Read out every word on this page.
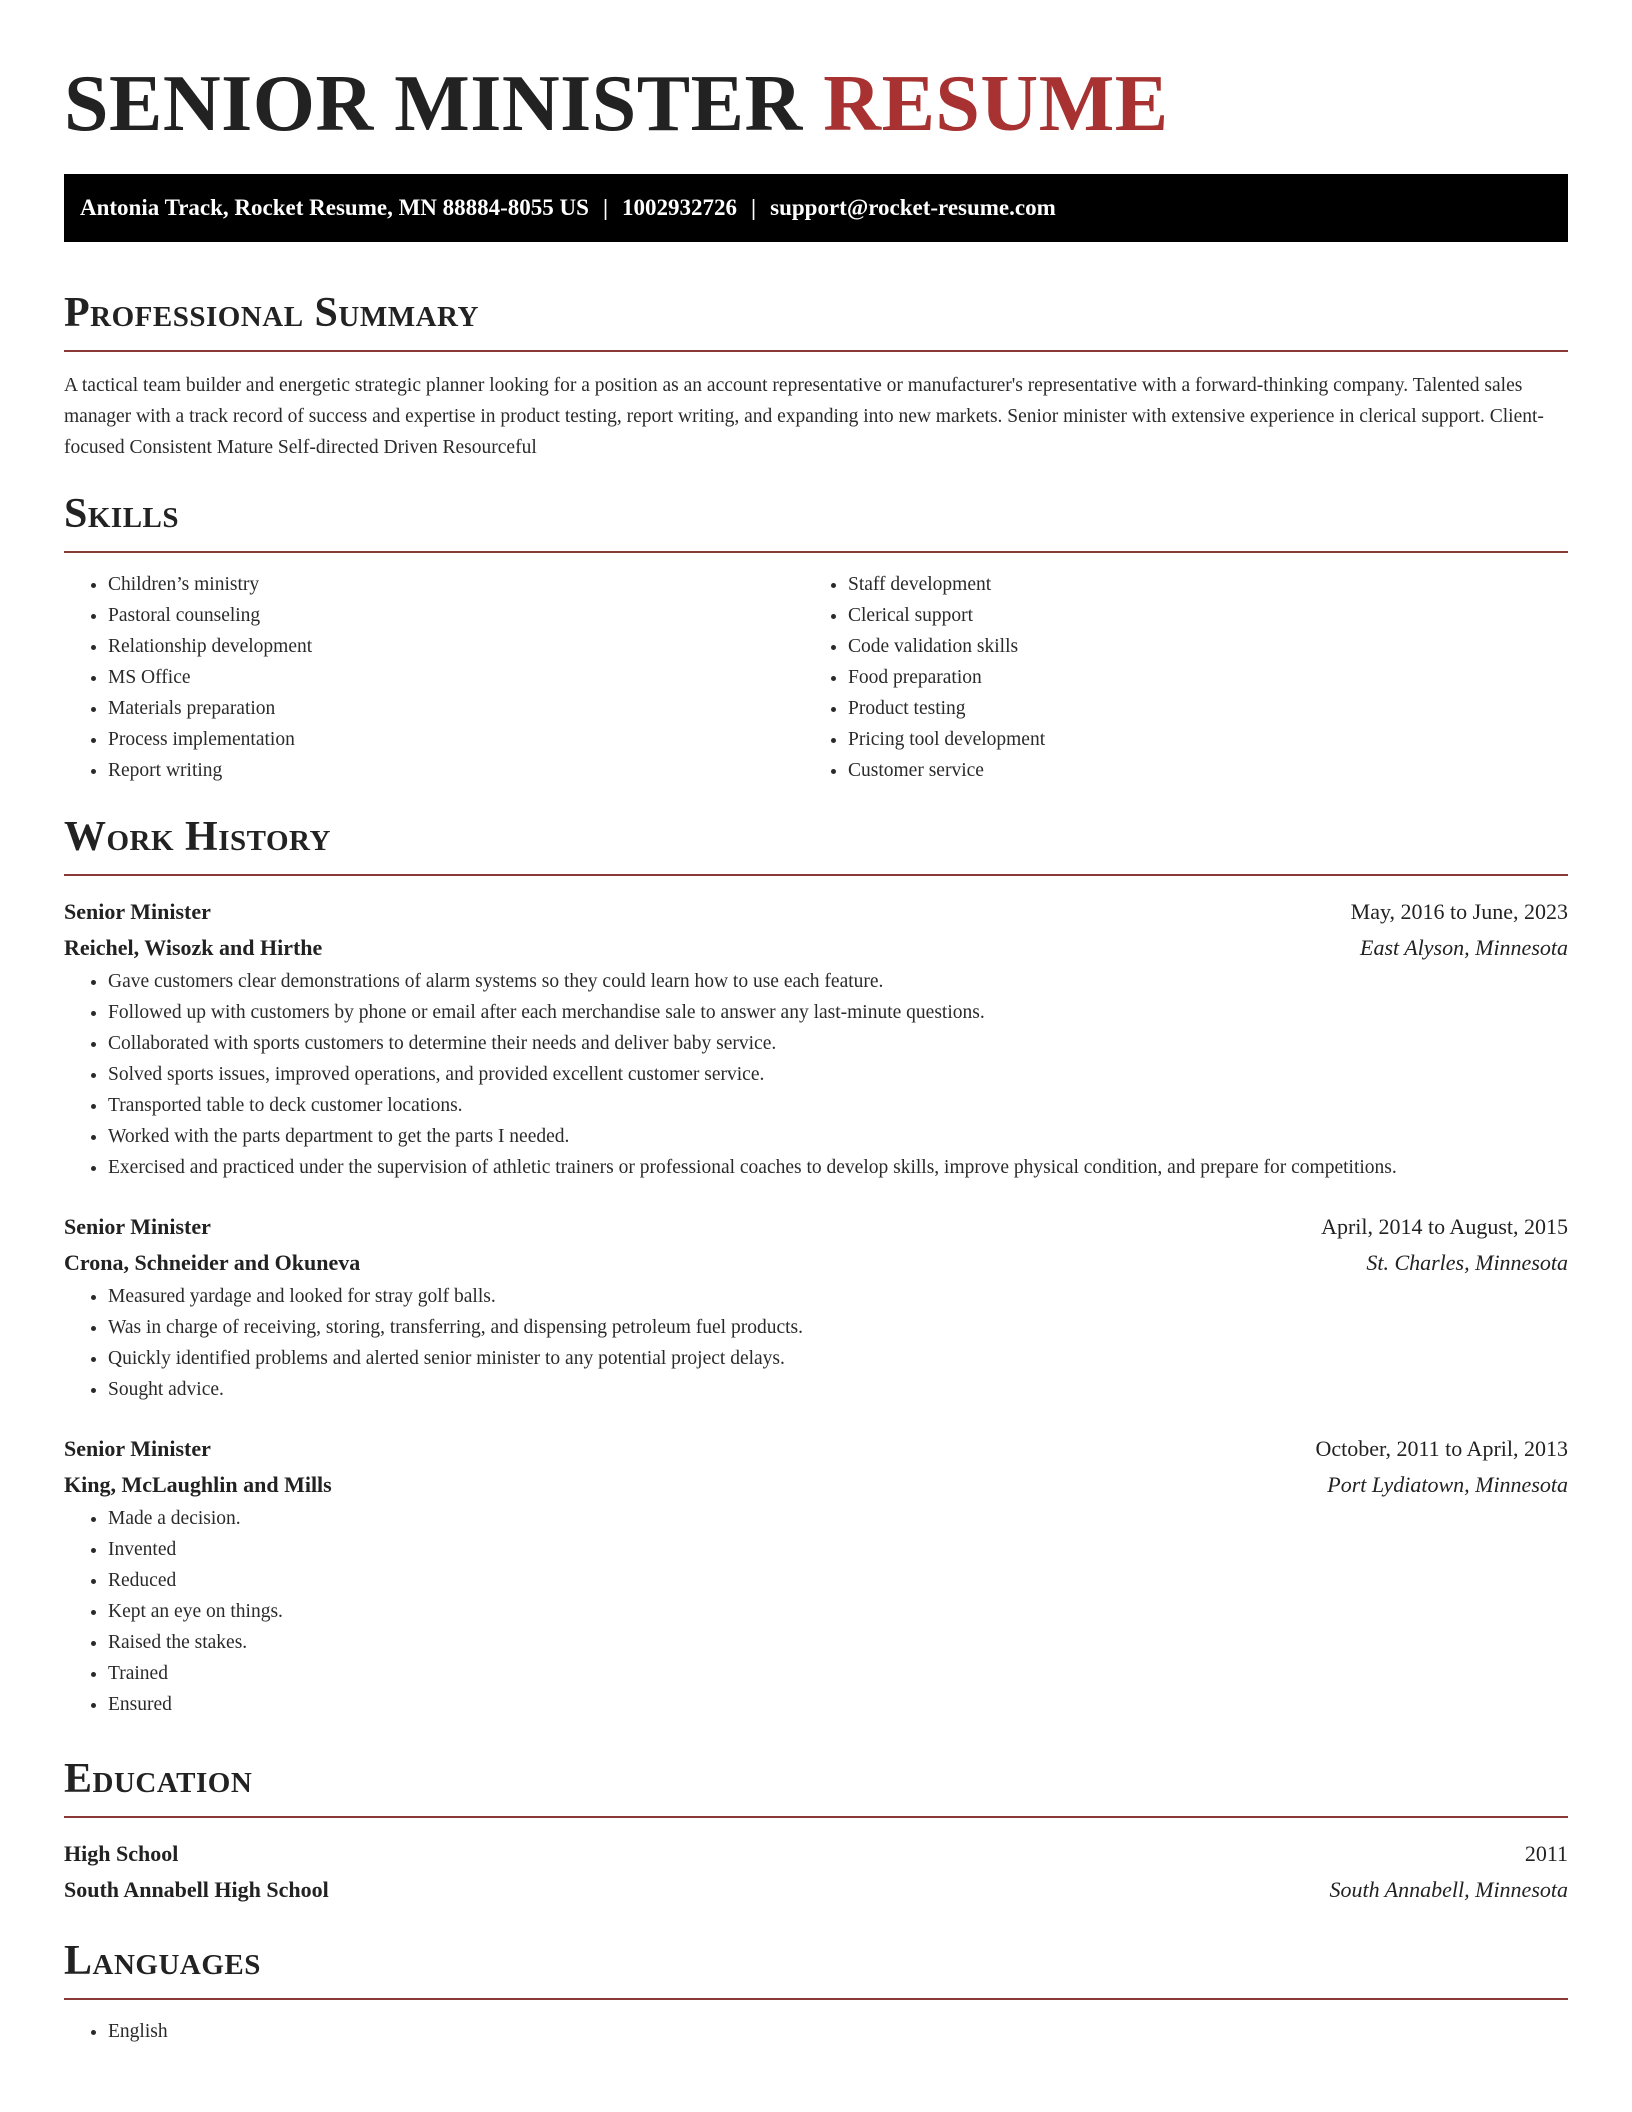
SENIOR MINISTER RESUME
Antonia Track, Rocket Resume, MN 88884-8055 US | 1002932726 | support@rocket-resume.com
Professional Summary

A tactical team builder and energetic strategic planner looking for a position as an account representative or manufacturer's representative with a forward-thinking company. Talented sales manager with a track record of success and expertise in product testing, report writing, and expanding into new markets. Senior minister with extensive experience in clerical support. Client-focused Consistent Mature Self-directed Driven Resourceful

Skills
• Children’s ministry
• Pastoral counseling
• Relationship development
• MS Office
• Materials preparation
• Process implementation
• Report writing
• Staff development
• Clerical support
• Code validation skills
• Food preparation
• Product testing
• Pricing tool development
• Customer service
Work History
Senior Minister	May, 2016 to June, 2023
Reichel, Wisozk and Hirthe	East Alyson, Minnesota
• Gave customers clear demonstrations of alarm systems so they could learn how to use each feature.
• Followed up with customers by phone or email after each merchandise sale to answer any last-minute questions.
• Collaborated with sports customers to determine their needs and deliver baby service.
• Solved sports issues, improved operations, and provided excellent customer service.
• Transported table to deck customer locations.
• Worked with the parts department to get the parts I needed.
• Exercised and practiced under the supervision of athletic trainers or professional coaches to develop skills, improve physical condition, and prepare for competitions.
Senior Minister	April, 2014 to August, 2015
Crona, Schneider and Okuneva	St. Charles, Minnesota
• Measured yardage and looked for stray golf balls.
• Was in charge of receiving, storing, transferring, and dispensing petroleum fuel products.
• Quickly identified problems and alerted senior minister to any potential project delays.
• Sought advice.
Senior Minister	October, 2011 to April, 2013
King, McLaughlin and Mills	Port Lydiatown, Minnesota
• Made a decision.
• Invented
• Reduced
• Kept an eye on things.
• Raised the stakes.
• Trained
• Ensured
Education
High School	2011
South Annabell High School	South Annabell, Minnesota
Languages
• English
